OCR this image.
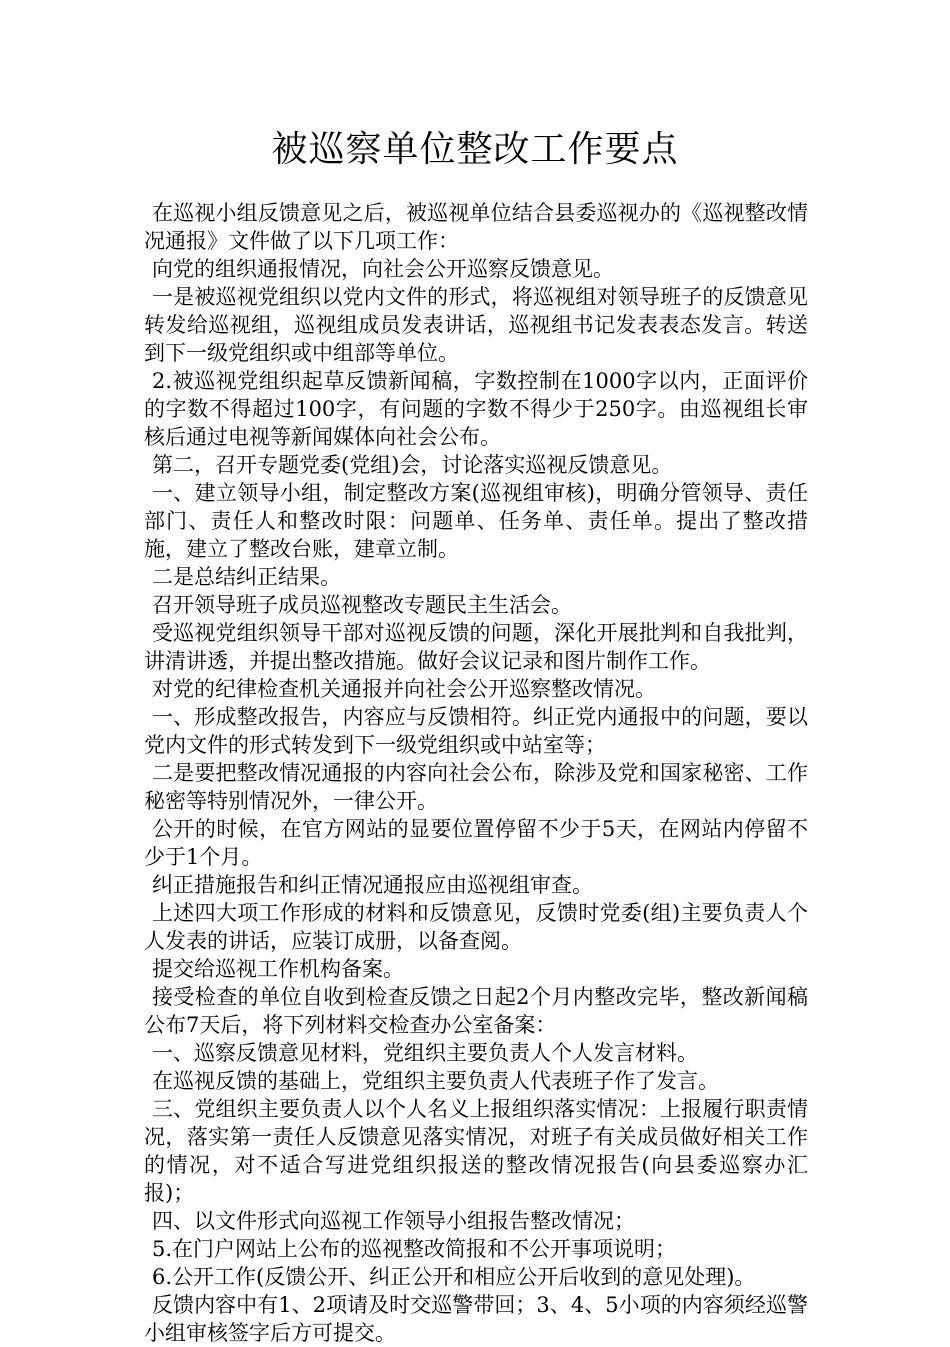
被巡察单位整改工作要点

在巡视小组反馈意见之后，被巡视单位结合县委巡视办的《巡视整改情况通报》文件做了以下几项工作：

向党的组织通报情况，向社会公开巡察反馈意见。

一是被巡视党组织以党内文件的形式，将巡视组对领导班子的反馈意见转发给巡视组，巡视组成员发表讲话，巡视组书记发表表态发言。转送到下一级党组织或中组部等单位。

2.被巡视党组织起草反馈新闻稿，字数控制在1000字以内，正面评价的字数不得超过100字，有问题的字数不得少于250字。由巡视组长审核后通过电视等新闻媒体向社会公布。

第二，召开专题党委(党组)会，讨论落实巡视反馈意见。

一、建立领导小组，制定整改方案(巡视组审核)，明确分管领导、责任部门、责任人和整改时限：问题单、任务单、责任单。提出了整改措施，建立了整改台账，建章立制。

二是总结纠正结果。

召开领导班子成员巡视整改专题民主生活会。

受巡视党组织领导干部对巡视反馈的问题，深化开展批判和自我批判，讲清讲透，并提出整改措施。做好会议记录和图片制作工作。

对党的纪律检查机关通报并向社会公开巡察整改情况。

一、形成整改报告，内容应与反馈相符。纠正党内通报中的问题，要以党内文件的形式转发到下一级党组织或中站室等；

二是要把整改情况通报的内容向社会公布，除涉及党和国家秘密、工作秘密等特别情况外，一律公开。

公开的时候，在官方网站的显要位置停留不少于5天，在网站内停留不少于1个月。

纠正措施报告和纠正情况通报应由巡视组审查。

上述四大项工作形成的材料和反馈意见，反馈时党委(组)主要负责人个人发表的讲话，应装订成册，以备查阅。

提交给巡视工作机构备案。

接受检查的单位自收到检查反馈之日起2个月内整改完毕，整改新闻稿公布7天后，将下列材料交检查办公室备案：

一、巡察反馈意见材料，党组织主要负责人个人发言材料。

在巡视反馈的基础上，党组织主要负责人代表班子作了发言。

三、党组织主要负责人以个人名义上报组织落实情况：上报履行职责情况，落实第一责任人反馈意见落实情况，对班子有关成员做好相关工作的情况，对不适合写进党组织报送的整改情况报告(向县委巡察办汇报)；

四、以文件形式向巡视工作领导小组报告整改情况；

5.在门户网站上公布的巡视整改简报和不公开事项说明；

6.公开工作(反馈公开、纠正公开和相应公开后收到的意见处理)。

反馈内容中有1、2项请及时交巡警带回；3、4、5小项的内容须经巡警小组审核签字后方可提交。
